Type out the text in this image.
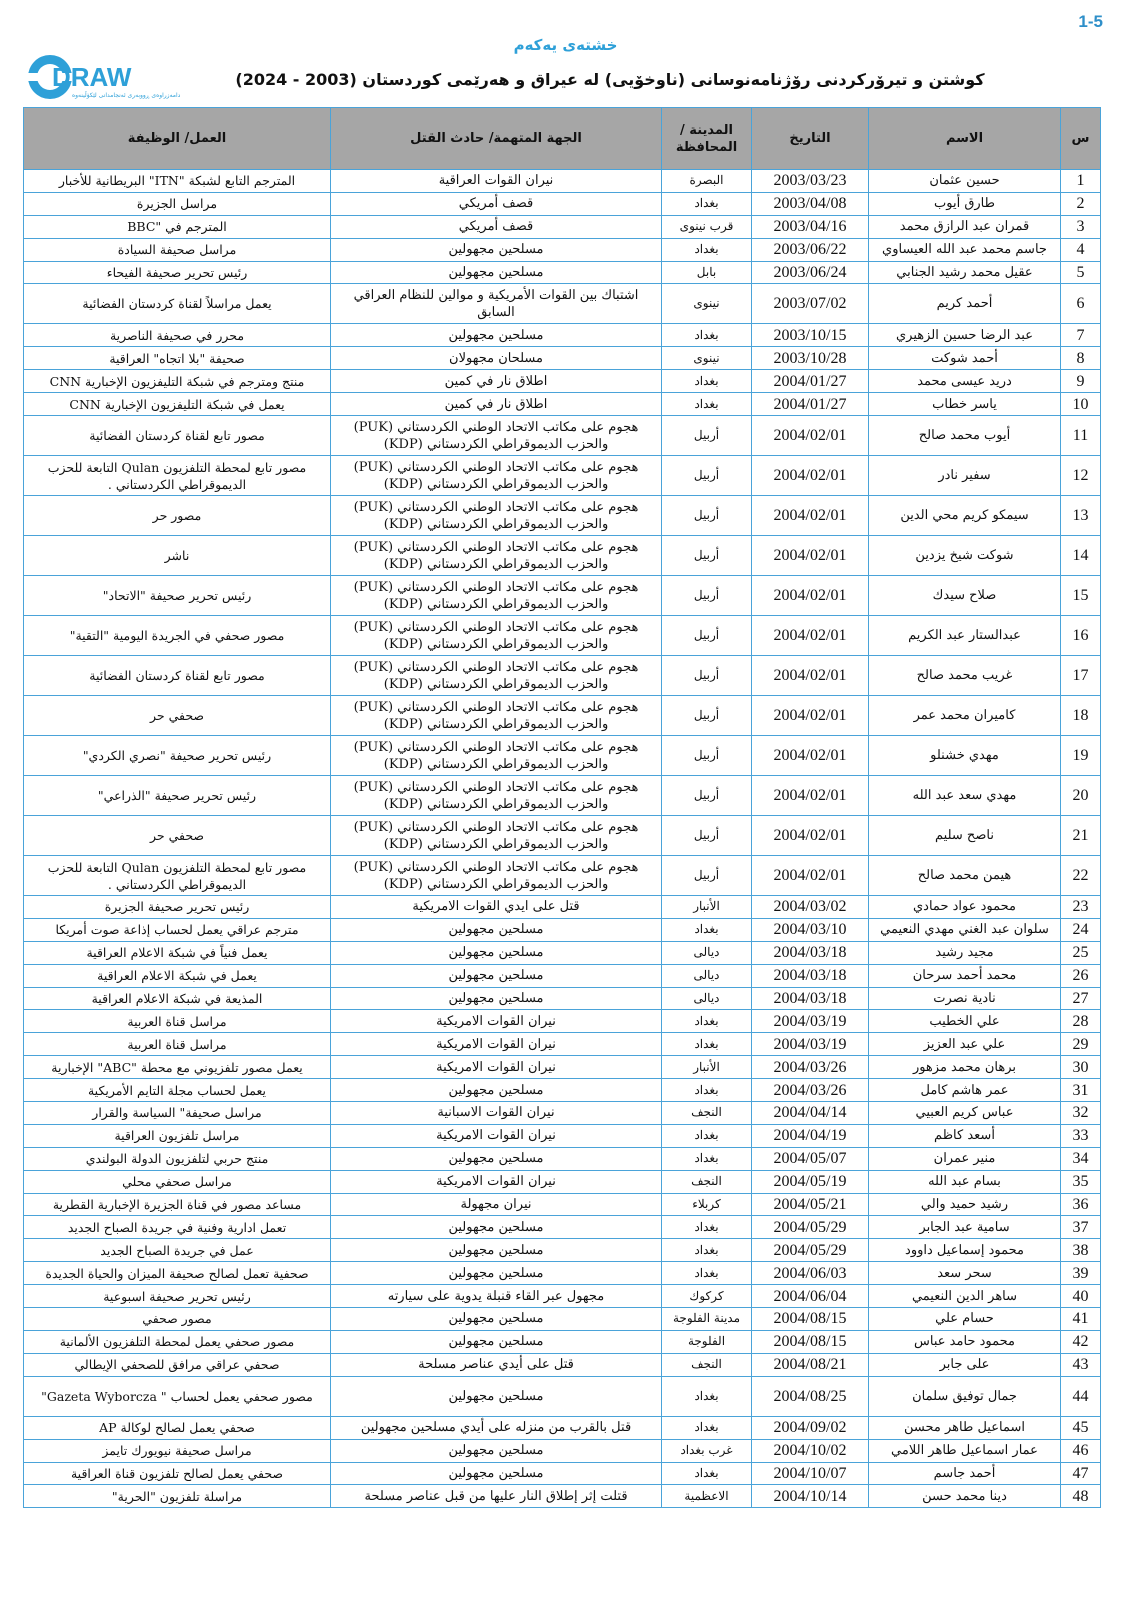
1-5
DRAW
دامەزراوەی ڕووبەری ئەنجامدانی لێکۆڵینەوە
خشتەی یەکەم
كوشتن و تيرۆركردنی رۆژنامەنوسانی (ناوخۆيی) لە عيراق و هەرێمی كوردستان (2003 - 2024)
س	الاسم	التاريخ	المدينة /المحافظة	الجهة المتهمة/ حادث القتل	العمل/ الوظيفة
1	حسين عثمان	2003/03/23	البصرة	نيران القوات العراقية	المترجم التابع لشبكة "ITN" البريطانية للأخبار
2	طارق أيوب	2003/04/08	بغداد	قصف أمريكي	مراسل الجزيرة
3	قمران عبد الرازق محمد	2003/04/16	قرب نينوى	قصف أمريكي	المترجم في "BBC
4	جاسم محمد عبد الله العيساوي	2003/06/22	بغداد	مسلحين مجهولين	مراسل صحيفة السيادة
5	عقيل محمد رشيد الجنابي	2003/06/24	بابل	مسلحين مجهولين	رئيس تحرير صحيفة الفيحاء
6	أحمد كريم	2003/07/02	نينوى	اشتباك بين القوات الأمريكية و موالين للنظام العراقي السابق	يعمل مراسلاً لقناة كردستان الفضائية
7	عبد الرضا حسين الزهيري	2003/10/15	بغداد	مسلحين مجهولين	محرر في صحيفة الناصرية
8	أحمد شوكت	2003/10/28	نينوى	مسلحان مجهولان	صحيفة "بلا اتجاه" العراقية
9	دريد عيسى محمد	2004/01/27	بغداد	اطلاق نار في كمين	منتج ومترجم في شبكة التليفزيون الإخبارية CNN
10	ياسر خطاب	2004/01/27	بغداد	اطلاق نار في كمين	يعمل في شبكة التليفزيون الإخبارية CNN
11	أيوب محمد صالح	2004/02/01	أربيل	هجوم على مكاتب الاتحاد الوطني الكردستاني (PUK) والحزب الديموقراطي الكردستاني (KDP)	مصور تابع لقناة كردستان الفضائية
12	سفير نادر	2004/02/01	أربيل	هجوم على مكاتب الاتحاد الوطني الكردستاني (PUK) والحزب الديموقراطي الكردستاني (KDP)	مصور تابع لمحطة التلفزيون Qulan التابعة للحزب الديموقراطي الكردستاني .
13	سيمكو كريم محي الدين	2004/02/01	أربيل	هجوم على مكاتب الاتحاد الوطني الكردستاني (PUK) والحزب الديموقراطي الكردستاني (KDP)	مصور حر
14	شوكت شيخ يزدين	2004/02/01	أربيل	هجوم على مكاتب الاتحاد الوطني الكردستاني (PUK) والحزب الديموقراطي الكردستاني (KDP)	ناشر
15	صلاح سيدك	2004/02/01	أربيل	هجوم على مكاتب الاتحاد الوطني الكردستاني (PUK) والحزب الديموقراطي الكردستاني (KDP)	رئيس تحرير صحيفة "الاتحاد"
16	عبدالستار عبد الكريم	2004/02/01	أربيل	هجوم على مكاتب الاتحاد الوطني الكردستاني (PUK) والحزب الديموقراطي الكردستاني (KDP)	مصور صحفي في الجريدة اليومية "التقية"
17	غريب محمد صالح	2004/02/01	أربيل	هجوم على مكاتب الاتحاد الوطني الكردستاني (PUK) والحزب الديموقراطي الكردستاني (KDP)	مصور تابع لقناة كردستان الفضائية
18	كاميران محمد عمر	2004/02/01	أربيل	هجوم على مكاتب الاتحاد الوطني الكردستاني (PUK) والحزب الديموقراطي الكردستاني (KDP)	صحفي حر
19	مهدي خشنلو	2004/02/01	أربيل	هجوم على مكاتب الاتحاد الوطني الكردستاني (PUK) والحزب الديموقراطي الكردستاني (KDP)	رئيس تحرير صحيفة "نصري الكردي"
20	مهدي سعد عبد الله	2004/02/01	أربيل	هجوم على مكاتب الاتحاد الوطني الكردستاني (PUK) والحزب الديموقراطي الكردستاني (KDP)	رئيس تحرير صحيفة "الذراعي"
21	ناصح سليم	2004/02/01	أربيل	هجوم على مكاتب الاتحاد الوطني الكردستاني (PUK) والحزب الديموقراطي الكردستاني (KDP)	صحفي حر
22	هيمن محمد صالح	2004/02/01	أربيل	هجوم على مكاتب الاتحاد الوطني الكردستاني (PUK) والحزب الديموقراطي الكردستاني (KDP)	مصور تابع لمحطة التلفزيون Qulan التابعة للحزب الديموقراطي الكردستاني .
23	محمود عواد حمادي	2004/03/02	الأنبار	قتل على ايدي القوات الامريكية	رئيس تحرير صحيفة الجزيرة
24	سلوان عبد الغني مهدي النعيمي	2004/03/10	بغداد	مسلحين مجهولين	مترجم عراقي يعمل لحساب إذاعة صوت أمريكا
25	مجيد رشيد	2004/03/18	ديالى	مسلحين مجهولين	يعمل فنياً في شبكة الاعلام العراقية
26	محمد أحمد سرحان	2004/03/18	ديالى	مسلحين مجهولين	يعمل في شبكة الاعلام العراقية
27	نادية نصرت	2004/03/18	ديالى	مسلحين مجهولين	المذيعة في شبكة الاعلام العراقية
28	علي الخطيب	2004/03/19	بغداد	نيران القوات الامريكية	مراسل قناة العربية
29	علي عبد العزيز	2004/03/19	بغداد	نيران القوات الامريكية	مراسل قناة العربية
30	برهان محمد مزهور	2004/03/26	الأنبار	نيران القوات الامريكية	يعمل مصور تلفزيوني مع محطة "ABC" الإخبارية
31	عمر هاشم كامل	2004/03/26	بغداد	مسلحين مجهولين	يعمل لحساب مجلة التايم الأمريكية
32	عباس كريم العبيي	2004/04/14	النجف	نيران القوات الاسبانية	مراسل صحيفة" السياسة والقرار
33	أسعد كاظم	2004/04/19	بغداد	نيران القوات الامريكية	مراسل تلفزيون العراقية
34	منير عمران	2004/05/07	بغداد	مسلحين مجهولين	منتج حربي لتلفزيون الدولة البولندي
35	بسام عبد الله	2004/05/19	النجف	نيران القوات الامريكية	مراسل صحفي محلي
36	رشيد حميد والي	2004/05/21	كربلاء	نيران مجهولة	مساعد مصور في قناة الجزيرة الإخبارية القطرية
37	سامية عبد الجابر	2004/05/29	بغداد	مسلحين مجهولين	تعمل ادارية وفنية في جريدة الصباح الجديد
38	محمود إسماعيل داوود	2004/05/29	بغداد	مسلحين مجهولين	عمل في جريدة الصباح الجديد
39	سحر سعد	2004/06/03	بغداد	مسلحين مجهولين	صحفية تعمل لصالح صحيفة الميزان والحياة الجديدة
40	ساهر الدين النعيمي	2004/06/04	كركوك	مجهول عبر القاء قنبلة يدوية على سيارته	رئيس تحرير صحيفة اسبوعية
41	حسام علي	2004/08/15	مدينة الفلوجة	مسلحين مجهولين	مصور صحفي
42	محمود حامد عباس	2004/08/15	الفلوجة	مسلحين مجهولين	مصور صحفي يعمل لمحطة التلفزيون الألمانية
43	على جابر	2004/08/21	النجف	قتل على أيدي عناصر مسلحة	صحفي عراقي مرافق للصحفي الإيطالي
44	جمال توفيق سلمان	2004/08/25	بغداد	مسلحين مجهولين	مصور صحفي يعمل لحساب " Gazeta Wyborcza"
45	اسماعيل طاهر محسن	2004/09/02	بغداد	قتل بالقرب من منزله على أيدي مسلحين مجهولين	صحفي يعمل لصالح لوكالة AP
46	عمار اسماعيل طاهر اللامي	2004/10/02	غرب بغداد	مسلحين مجهولين	مراسل صحيفة نيويورك تايمز
47	أحمد جاسم	2004/10/07	بغداد	مسلحين مجهولين	صحفي يعمل لصالح تلفزيون قناة العراقية
48	دينا محمد حسن	2004/10/14	الاعظمية	قتلت إثر إطلاق النار عليها من قبل عناصر مسلحة	مراسلة تلفزيون "الحرية"
